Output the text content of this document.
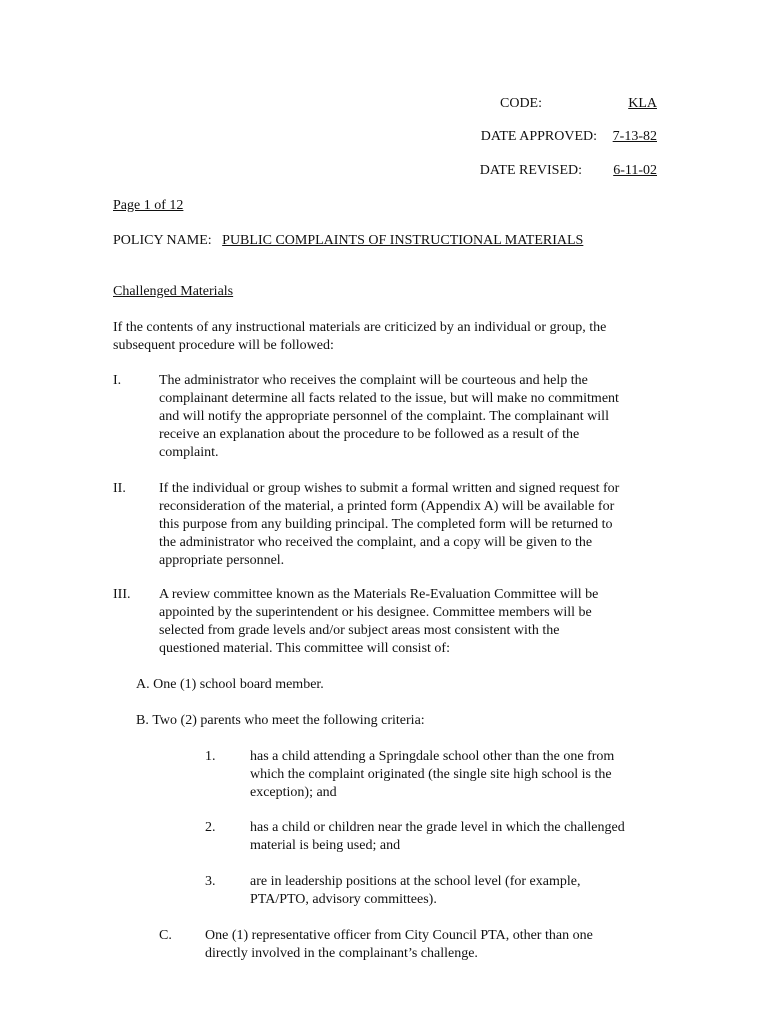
CODE:	KLA
DATE APPROVED: 7-13-82
DATE REVISED: 6-11-02
Page 1 of 12
POLICY NAME: PUBLIC COMPLAINTS OF INSTRUCTIONAL MATERIALS
Challenged Materials
If the contents of any instructional materials are criticized by an individual or group, the subsequent procedure will be followed:
I.	The administrator who receives the complaint will be courteous and help the
complainant determine all facts related to the issue, but will make no commitment
and will notify the appropriate personnel of the complaint. The complainant will
receive an explanation about the procedure to be followed as a result of the
complaint.
II. If the individual or group wishes to submit a formal written and signed request for
reconsideration of the material, a printed form (Appendix A) will be available for
this purpose from any building principal. The completed form will be returned to
the administrator who received the complaint, and a copy will be given to the
appropriate personnel.
III. A review committee known as the Materials Re-Evaluation Committee will be
appointed by the superintendent or his designee. Committee members will be
selected from grade levels and/or subject areas most consistent with the
questioned material. This committee will consist of:
A. One (1) school board member.
B. Two (2) parents who meet the following criteria:
1. has a child attending a Springdale school other than the one from
which the complaint originated (the single site high school is the
exception); and
2. has a child or children near the grade level in which the challenged
material is being used; and
3. are in leadership positions at the school level (for example,
PTA/PTO, advisory committees).
C. One (1) representative officer from City Council PTA, other than one
directly involved in the complainant’s challenge.
